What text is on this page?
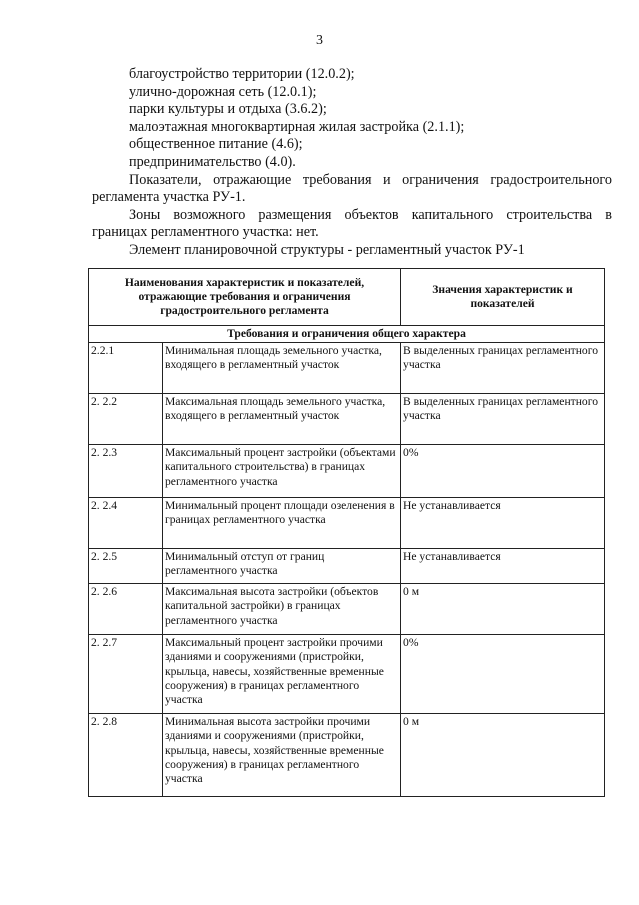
3

благоустройство территории (12.0.2);

улично-дорожная сеть (12.0.1);

парки культуры и отдыха (3.6.2);

малоэтажная многоквартирная жилая застройка (2.1.1);

общественное питание (4.6);

предпринимательство (4.0).

Показатели, отражающие требования и ограничения градостроительного регламента участка РУ-1.

Зоны возможного размещения объектов капитального строительства в границах регламентного участка: нет.

Элемент планировочной структуры - регламентный участок РУ-1

Наименования характеристик и показателей, отражающие требования и ограничения градостроительного регламента		Значения характеристик и показателей
Требования и ограничения общего характера		
2.2.1	Минимальная площадь земельного участка, входящего в регламентный участок	В выделенных границах регламентного участка
2. 2.2	Максимальная площадь земельного участка, входящего в регламентный участок	В выделенных границах регламентного участка
2. 2.3	Максимальный процент застройки (объектами капитального строительства) в границах регламентного участка	0%
2. 2.4	Минимальный процент площади озеленения в границах регламентного участка	Не устанавливается
2. 2.5	Минимальный отступ от границ регламентного участка	Не устанавливается
2. 2.6	Максимальная высота застройки (объектов капитальной застройки) в границах регламентного участка	0 м
2. 2.7	Максимальный процент застройки прочими зданиями и сооружениями (пристройки, крыльца, навесы, хозяйственные временные сооружения) в границах регламентного участка	0%
2. 2.8	Минимальная высота застройки прочими зданиями и сооружениями (пристройки, крыльца, навесы, хозяйственные временные сооружения) в границах регламентного участка	0 м
